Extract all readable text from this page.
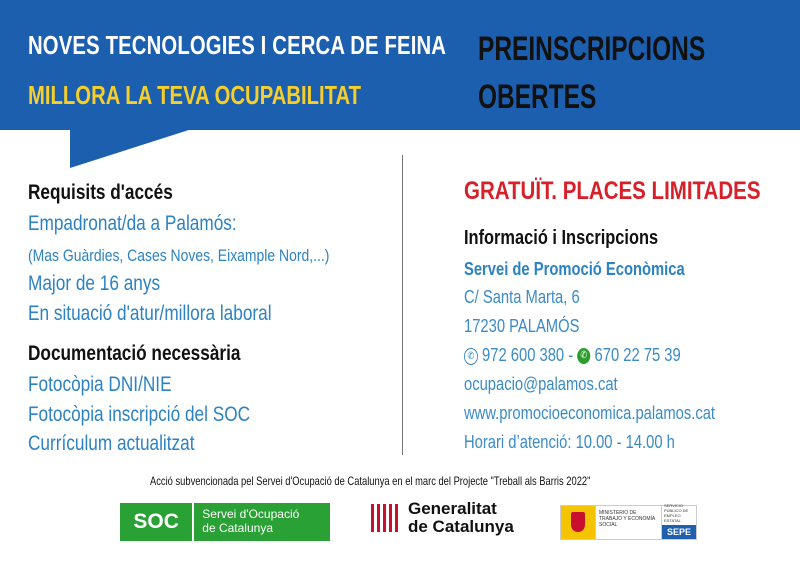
NOVES TECNOLOGIES I CERCA DE FEINA
MILLORA LA TEVA OCUPABILITAT
PREINSCRIPCIONS
OBERTES
Requisits d'accés
Empadronat/da a Palamós:
(Mas Guàrdies, Cases Noves, Eixample Nord,...)
Major de 16 anys
En situació d'atur/millora laboral
Documentació necessària
Fotocòpia DNI/NIE
Fotocòpia inscripció del SOC
Currículum actualitzat
GRATUÏT. PLACES LIMITADES
Informació i Inscripcions
Servei de Promoció Econòmica
C/ Santa Marta, 6
17230 PALAMÓS
✆ 972 600 380 - ✆ 670 22 75 39
ocupacio@palamos.cat
www.promocioeconomica.palamos.cat
Horari d’atenció: 10.00 - 14.00 h
Acció subvencionada pel Servei d'Ocupació de Catalunya en el marc del Projecte "Treball als Barris 2022"
SOC	Servei d'Ocupació
de Catalunya
Generalitat
de Catalunya
MINISTERIO DE TRABAJO Y ECONOMÍA SOCIAL
SERVICIO PÚBLICO DE EMPLEO ESTATAL
SEPE
